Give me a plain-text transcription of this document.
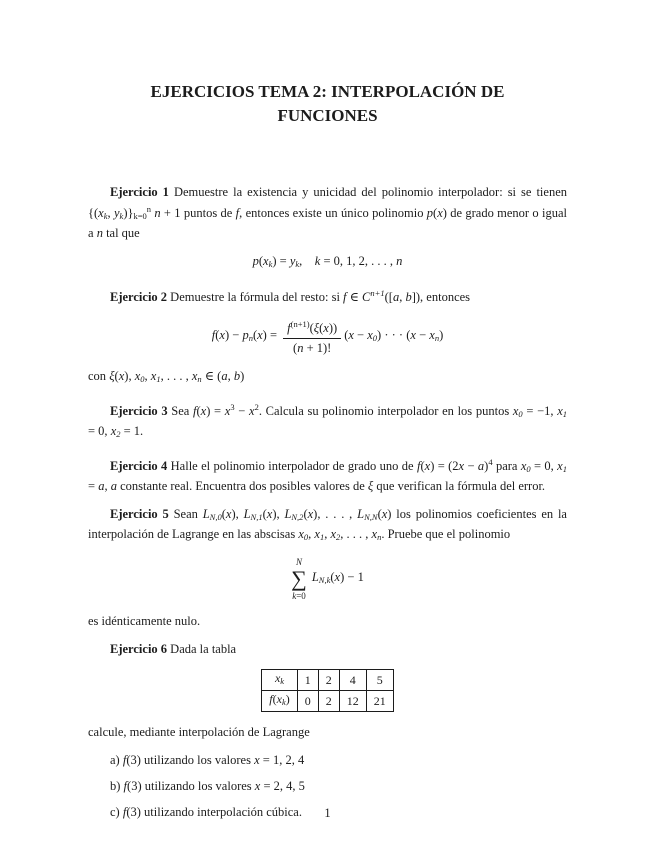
EJERCICIOS TEMA 2: INTERPOLACIÓN DE
FUNCIONES

Ejercicio 1 Demuestre la existencia y unicidad del polinomio interpolador: si se tienen {(xk, $yk)\}k=0^n$ n + 1 puntos de f, entonces existe un único polinomio p(x) de grado menor o igual a n tal que

p(xk) = yk, k = 0, 1, 2, . . . , n

Ejercicio 2 Demuestre la fórmula del resto: si f ∈ $C^{n+1}([a$, b]), entonces

$f(x) - pn(x) = \frac{f^{(n+1)}(\xi(x))}{(n + 1)!} (x - x0)$ · · · (x − xn)

con ξ(x), x0, x1, . . . , xn ∈ (a, b)

Ejercicio 3 Sea $f(x) = x^3 - x^2$. Calcula su polinomio interpolador en los puntos x0 = −1, x1 = 0, x2 = 1.

Ejercicio 4 Halle el polinomio interpolador de grado uno de $f(x) = (2x - a)^4$ para x0 = 0, x1 = a, a constante real. Encuentra dos posibles valores de ξ que verifican la fórmula del error.

Ejercicio 5 Sean LN,0(x), LN,1(x), LN,2(x), . . . , LN,N(x) los polinomios coeficientes en la interpolación de Lagrange en las abscisas x0, x1, x2, . . . , xn. Pruebe que el polinomio

N
∑
k=0
LN,k(x) − 1

es idénticamente nulo.

Ejercicio 6 Dada la tabla

xk	1	2	4	5
f(xk)	0	2	12	21

calcule, mediante interpolación de Lagrange

a) f(3) utilizando los valores x = 1, 2, 4

b) f(3) utilizando los valores x = 2, 4, 5

c) f(3) utilizando interpolación cúbica.	1
